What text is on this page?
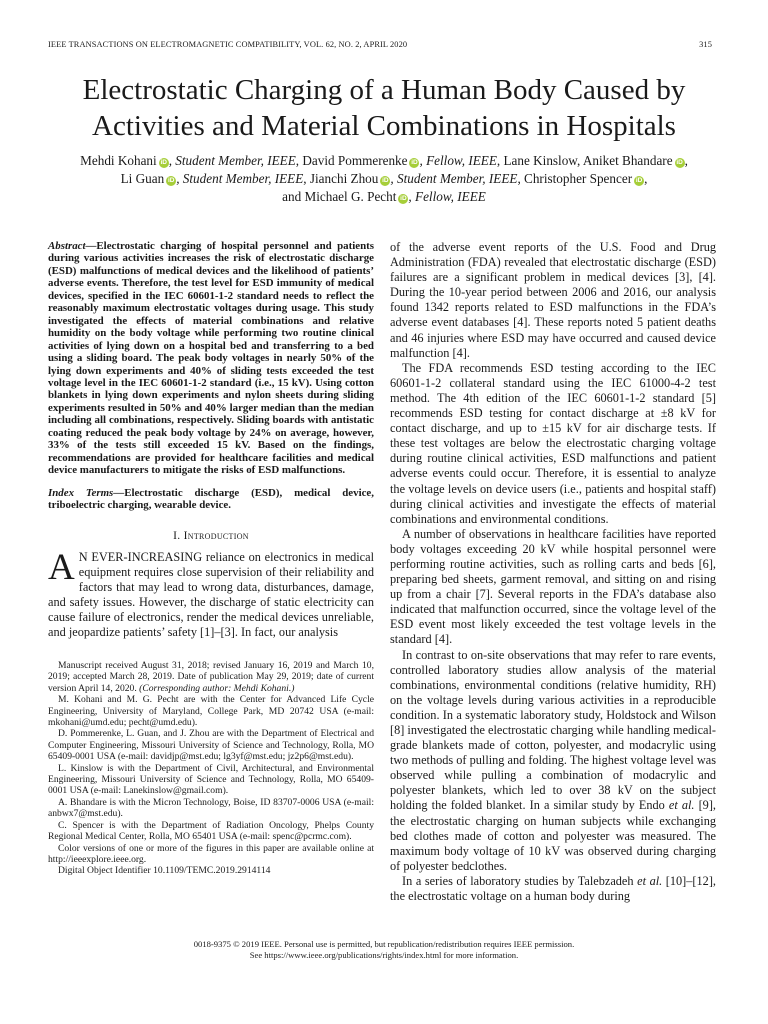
IEEE TRANSACTIONS ON ELECTROMAGNETIC COMPATIBILITY, VOL. 62, NO. 2, APRIL 2020	315
Electrostatic Charging of a Human Body Caused by
Activities and Material Combinations in Hospitals
Mehdi Kohani iD , Student Member, IEEE, David Pommerenke iD , Fellow, IEEE, Lane Kinslow, Aniket Bhandare iD ,
Li Guan iD , Student Member, IEEE, Jianchi Zhou iD , Student Member, IEEE, Christopher Spencer iD ,
and Michael G. Pecht iD , Fellow, IEEE

Abstract—Electrostatic charging of hospital personnel and patients during various activities increases the risk of electrostatic discharge (ESD) malfunctions of medical devices and the likelihood of patients’ adverse events. Therefore, the test level for ESD immunity of medical devices, specified in the IEC 60601-1-2 standard needs to reflect the reasonably maximum electrostatic voltages during usage. This study investigated the effects of material combinations and relative humidity on the body voltage while performing two routine clinical activities of lying down on a hospital bed and transferring to a bed using a sliding board. The peak body voltages in nearly 50% of the lying down experiments and 40% of sliding tests exceeded the test voltage level in the IEC 60601-1-2 standard (i.e., 15 kV). Using cotton blankets in lying down experiments and nylon sheets during sliding experiments resulted in 50% and 40% larger median than the median including all combinations, respectively. Sliding boards with antistatic coating reduced the peak body voltage by 24% on average, however, 33% of the tests still exceeded 15 kV. Based on the findings, recommendations are provided for healthcare facilities and medical device manufacturers to mitigate the risks of ESD malfunctions.

Index Terms—Electrostatic discharge (ESD), medical device, triboelectric charging, wearable device.

I. Introduction

A N EVER-INCREASING reliance on electronics in medical equipment requires close supervision of their reliability and factors that may lead to wrong data, disturbances, damage, and safety issues. However, the discharge of static electricity can cause failure of electronics, render the medical devices unreliable, and jeopardize patients’ safety [1]–[3]. In fact, our analysis

Manuscript received August 31, 2018; revised January 16, 2019 and March 10, 2019; accepted March 28, 2019. Date of publication May 29, 2019; date of current version April 14, 2020. (Corresponding author: Mehdi Kohani.)

M. Kohani and M. G. Pecht are with the Center for Advanced Life Cycle Engineering, University of Maryland, College Park, MD 20742 USA (e-mail: mkohani@umd.edu; pecht@umd.edu).

D. Pommerenke, L. Guan, and J. Zhou are with the Department of Electrical and Computer Engineering, Missouri University of Science and Technology, Rolla, MO 65409-0001 USA (e-mail: davidjp@mst.edu; lg3yf@mst.edu; jz2p6@mst.edu).

L. Kinslow is with the Department of Civil, Architectural, and Environmental Engineering, Missouri University of Science and Technology, Rolla, MO 65409-0001 USA (e-mail: Lanekinslow@gmail.com).

A. Bhandare is with the Micron Technology, Boise, ID 83707-0006 USA (e-mail: anbwx7@mst.edu).

C. Spencer is with the Department of Radiation Oncology, Phelps County Regional Medical Center, Rolla, MO 65401 USA (e-mail: spenc@pcrmc.com).

Color versions of one or more of the figures in this paper are available online at http://ieeexplore.ieee.org.

Digital Object Identifier 10.1109/TEMC.2019.2914114

of the adverse event reports of the U.S. Food and Drug Administration (FDA) revealed that electrostatic discharge (ESD) failures are a significant problem in medical devices [3], [4]. During the 10-year period between 2006 and 2016, our analysis found 1342 reports related to ESD malfunctions in the FDA’s adverse event databases [4]. These reports noted 5 patient deaths and 46 injuries where ESD may have occurred and caused device malfunction [4].

The FDA recommends ESD testing according to the IEC 60601-1-2 collateral standard using the IEC 61000-4-2 test method. The 4th edition of the IEC 60601-1-2 standard [5] recommends ESD testing for contact discharge at ±8 kV for contact discharge, and up to ±15 kV for air discharge tests. If these test voltages are below the electrostatic charging voltage during routine clinical activities, ESD malfunctions and patient adverse events could occur. Therefore, it is essential to analyze the voltage levels on device users (i.e., patients and hospital staff) during clinical activities and investigate the effects of material combinations and environmental conditions.

A number of observations in healthcare facilities have reported body voltages exceeding 20 kV while hospital personnel were performing routine activities, such as rolling carts and beds [6], preparing bed sheets, garment removal, and sitting on and rising up from a chair [7]. Several reports in the FDA’s database also indicated that malfunction occurred, since the voltage level of the ESD event most likely exceeded the test voltage levels in the standard [4].

In contrast to on-site observations that may refer to rare events, controlled laboratory studies allow analysis of the material combinations, environmental conditions (relative humidity, RH) on the voltage levels during various activities in a reproducible condition. In a systematic laboratory study, Holdstock and Wilson [8] investigated the electrostatic charging while handling medical-grade blankets made of cotton, polyester, and modacrylic using two methods of pulling and folding. The highest voltage level was observed while pulling a combination of modacrylic and polyester blankets, which led to over 38 kV on the subject holding the folded blanket. In a similar study by Endo et al. [9], the electrostatic charging on human subjects while exchanging bed clothes made of cotton and polyester was measured. The maximum body voltage of 10 kV was observed during charging of polyester bedclothes.

In a series of laboratory studies by Talebzadeh et al. [10]–[12], the electrostatic voltage on a human body during

0018-9375 © 2019 IEEE. Personal use is permitted, but republication/redistribution requires IEEE permission.
See https://www.ieee.org/publications/rights/index.html for more information.
